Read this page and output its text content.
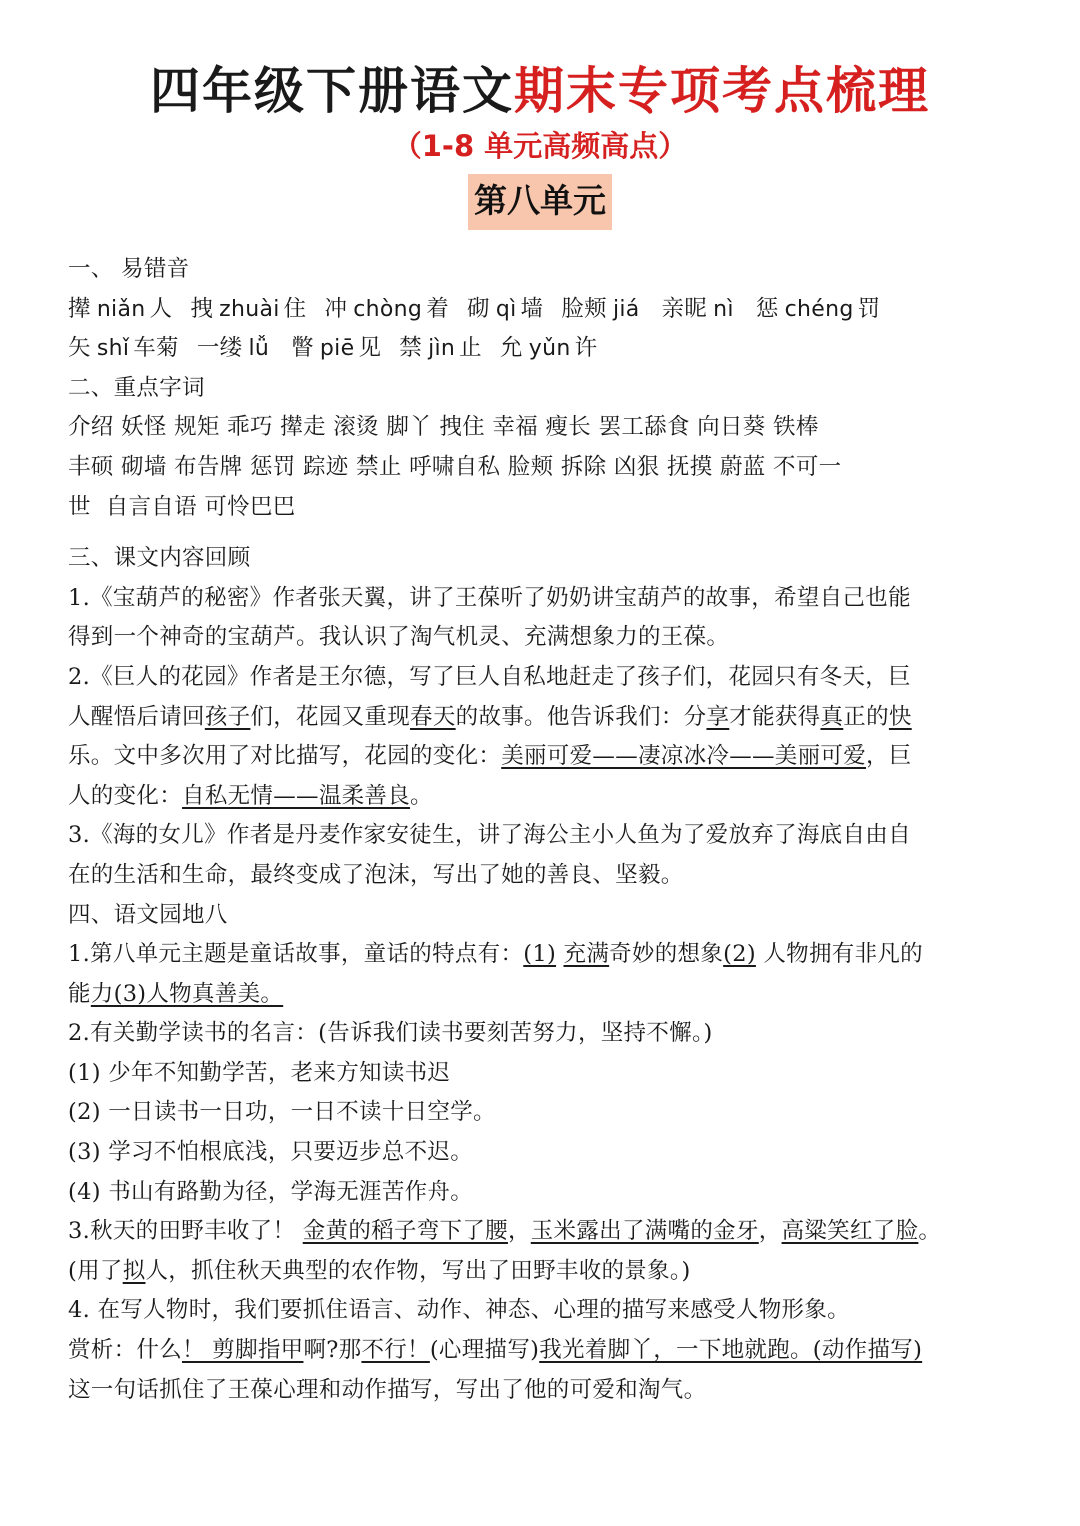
四年级下册语文期末专项考点梳理
（1-8 单元高频高点）
第八单元
一、 易错音
撵 niǎn 人 拽 zhuài 住 冲 chòng 着 砌 qì 墙 脸颊 jiá 亲昵 nì 惩 chéng 罚
矢 shǐ 车菊 一缕 lǚ 瞥 piē 见 禁 jìn 止 允 yǔn 许
二、重点字词
介绍 妖怪 规矩 乖巧 撵走 滚烫 脚丫 拽住 幸福 瘦长 罢工舔食 向日葵 铁棒
丰硕 砌墙 布告牌 惩罚 踪迹 禁止 呼啸自私 脸颊 拆除 凶狠 抚摸 蔚蓝 不可一
世  自言自语 可怜巴巴
三、课文内容回顾
1.《宝葫芦的秘密》作者张天翼，讲了王葆听了奶奶讲宝葫芦的故事，希望自己也能
得到一个神奇的宝葫芦。我认识了淘气机灵、充满想象力的王葆。
2.《巨人的花园》作者是王尔德，写了巨人自私地赶走了孩子们，花园只有冬天，巨
人醒悟后请回孩子们，花园又重现春天的故事。他告诉我们：分享才能获得真正的快
乐。文中多次用了对比描写，花园的变化：美丽可爱——凄凉冰冷——美丽可爱，巨
人的变化：自私无情——温柔善良。
3.《海的女儿》作者是丹麦作家安徒生，讲了海公主小人鱼为了爱放弃了海底自由自
在的生活和生命，最终变成了泡沫，写出了她的善良、坚毅。
四、语文园地八
1.第八单元主题是童话故事，童话的特点有：(1) 充满奇妙的想象(2) 人物拥有非凡的
能力(3)人物真善美。
2.有关勤学读书的名言：(告诉我们读书要刻苦努力，坚持不懈。)
(1) 少年不知勤学苦，老来方知读书迟
(2) 一日读书一日功，一日不读十日空学。
(3) 学习不怕根底浅，只要迈步总不迟。
(4) 书山有路勤为径，学海无涯苦作舟。
3.秋天的田野丰收了！ 金黄的稻子弯下了腰，玉米露出了满嘴的金牙，高粱笑红了脸。
(用了拟人，抓住秋天典型的农作物，写出了田野丰收的景象。)
4. 在写人物时，我们要抓住语言、动作、神态、心理的描写来感受人物形象。
赏析：什么！ 剪脚指甲啊?那不行！(心理描写)我光着脚丫，一下地就跑。(动作描写)
这一句话抓住了王葆心理和动作描写，写出了他的可爱和淘气。
